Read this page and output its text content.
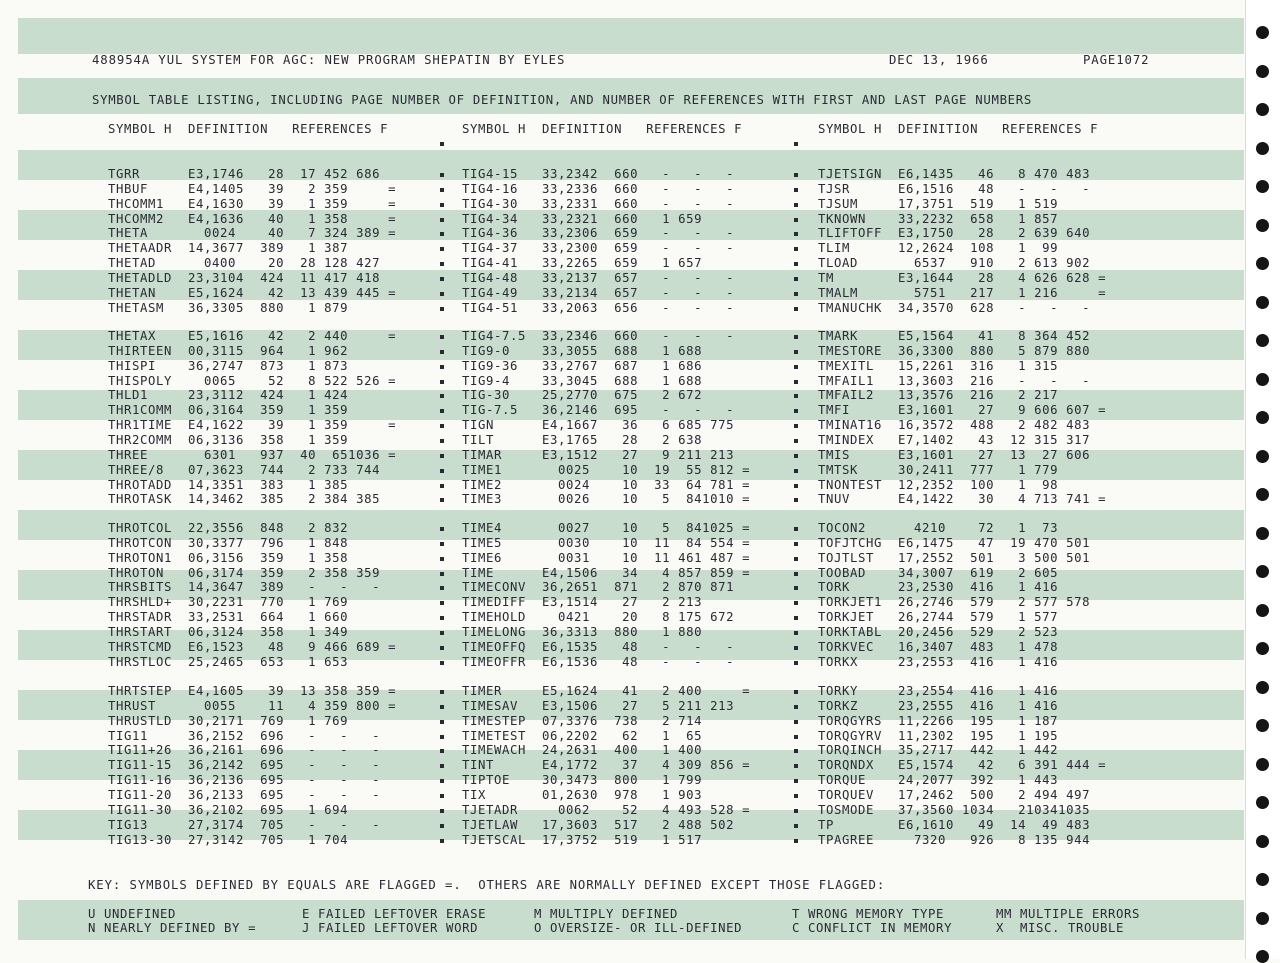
488954A YUL SYSTEM FOR AGC: NEW PROGRAM SHEPATIN BY EYLES	DEC 13, 1966	PAGE1072
SYMBOL TABLE LISTING, INCLUDING PAGE NUMBER OF DEFINITION, AND NUMBER OF REFERENCES WITH FIRST AND LAST PAGE NUMBERS
SYMBOL H  DEFINITION   REFERENCES F	SYMBOL H  DEFINITION   REFERENCES F	SYMBOL H  DEFINITION   REFERENCES F
TGRR      E3,1746   28  17 452 686
THBUF     E4,1405   39   2 359     =
THCOMM1   E4,1630   39   1 359     =
THCOMM2   E4,1636   40   1 358     =
THETA       0024    40   7 324 389 =
THETAADR  14,3677  389   1 387
THETAD      0400    20  28 128 427
THETADLD  23,3104  424  11 417 418
THETAN    E5,1624   42  13 439 445 =
THETASM   36,3305  880   1 879
THETAX    E5,1616   42   2 440     =
THIRTEEN  00,3115  964   1 962
THISPI    36,2747  873   1 873
THISPOLY    0065    52   8 522 526 =
THLD1     23,3112  424   1 424
THR1COMM  06,3164  359   1 359
THR1TIME  E4,1622   39   1 359     =
THR2COMM  06,3136  358   1 359
THREE       6301   937  40  651036 =
THREE/8   07,3623  744   2 733 744
THROTADD  14,3351  383   1 385
THROTASK  14,3462  385   2 384 385
THROTCOL  22,3556  848   2 832
THROTCON  30,3377  796   1 848
THROTON1  06,3156  359   1 358
THROTON   06,3174  359   2 358 359
THRSBITS  14,3647  389   -   -   -
THRSHLD+  30,2231  770   1 769
THRSTADR  33,2531  664   1 660
THRSTART  06,3124  358   1 349
THRSTCMD  E6,1523   48   9 466 689 =
THRSTLOC  25,2465  653   1 653
THRTSTEP  E4,1605   39  13 358 359 =
THRUST      0055    11   4 359 800 =
THRUSTLD  30,2171  769   1 769
TIG11     36,2152  696   -   -   -
TIG11+26  36,2161  696   -   -   -
TIG11-15  36,2142  695   -   -   -
TIG11-16  36,2136  695   -   -   -
TIG11-20  36,2133  695   -   -   -
TIG11-30  36,2102  695   1 694
TIG13     27,3174  705   -   -   -
TIG13-30  27,3142  705   1 704
TIG4-15   33,2342  660   -   -   -
TIG4-16   33,2336  660   -   -   -
TIG4-30   33,2331  660   -   -   -
TIG4-34   33,2321  660   1 659
TIG4-36   33,2306  659   -   -   -
TIG4-37   33,2300  659   -   -   -
TIG4-41   33,2265  659   1 657
TIG4-48   33,2137  657   -   -   -
TIG4-49   33,2134  657   -   -   -
TIG4-51   33,2063  656   -   -   -
TIG4-7.5  33,2346  660   -   -   -
TIG9-0    33,3055  688   1 688
TIG9-36   33,2767  687   1 686
TIG9-4    33,3045  688   1 688
TIG-30    25,2770  675   2 672
TIG-7.5   36,2146  695   -   -   -
TIGN      E4,1667   36   6 685 775
TILT      E3,1765   28   2 638
TIMAR     E3,1512   27   9 211 213
TIME1       0025    10  19  55 812 =
TIME2       0024    10  33  64 781 =
TIME3       0026    10   5  841010 =
TIME4       0027    10   5  841025 =
TIME5       0030    10  11  84 554 =
TIME6       0031    10  11 461 487 =
TIME      E4,1506   34   4 857 859 =
TIMECONV  36,2651  871   2 870 871
TIMEDIFF  E3,1514   27   2 213
TIMEHOLD    0421    20   8 175 672
TIMELONG  36,3313  880   1 880
TIMEOFFQ  E6,1535   48   -   -   -
TIMEOFFR  E6,1536   48   -   -   -
TIMER     E5,1624   41   2 400     =
TIMESAV   E3,1506   27   5 211 213
TIMESTEP  07,3376  738   2 714
TIMETEST  06,2202   62   1  65
TIMEWACH  24,2631  400   1 400
TINT      E4,1772   37   4 309 856 =
TIPTOE    30,3473  800   1 799
TIX       01,2630  978   1 903
TJETADR     0062    52   4 493 528 =
TJETLAW   17,3603  517   2 488 502
TJETSCAL  17,3752  519   1 517
TJETSIGN  E6,1435   46   8 470 483
TJSR      E6,1516   48   -   -   -
TJSUM     17,3751  519   1 519
TKNOWN    33,2232  658   1 857
TLIFTOFF  E3,1750   28   2 639 640
TLIM      12,2624  108   1  99
TLOAD       6537   910   2 613 902
TM        E3,1644   28   4 626 628 =
TMALM       5751   217   1 216     =
TMANUCHK  34,3570  628   -   -   -
TMARK     E5,1564   41   8 364 452
TMESTORE  36,3300  880   5 879 880
TMEXITL   15,2261  316   1 315
TMFAIL1   13,3603  216   -   -   -
TMFAIL2   13,3576  216   2 217
TMFI      E3,1601   27   9 606 607 =
TMINAT16  16,3572  488   2 482 483
TMINDEX   E7,1402   43  12 315 317
TMIS      E3,1601   27  13  27 606
TMTSK     30,2411  777   1 779
TNONTEST  12,2352  100   1  98
TNUV      E4,1422   30   4 713 741 =
TOCON2      4210    72   1  73
TOFJTCHG  E6,1475   47  19 470 501
TOJTLST   17,2552  501   3 500 501
TOOBAD    34,3007  619   2 605
TORK      23,2530  416   1 416
TORKJET1  26,2746  579   2 577 578
TORKJET   26,2744  579   1 577
TORKTABL  20,2456  529   2 523
TORKVEC   16,3407  483   1 478
TORKX     23,2553  416   1 416
TORKY     23,2554  416   1 416
TORKZ     23,2555  416   1 416
TORQGYRS  11,2266  195   1 187
TORQGYRV  11,2302  195   1 195
TORQINCH  35,2717  442   1 442
TORQNDX   E5,1574   42   6 391 444 =
TORQUE    24,2077  392   1 443
TORQUEV   17,2462  500   2 494 497
TOSMODE   37,3560 1034   210341035
TP        E6,1610   49  14  49 483
TPAGREE     7320   926   8 135 944
KEY: SYMBOLS DEFINED BY EQUALS ARE FLAGGED =.  OTHERS ARE NORMALLY DEFINED EXCEPT THOSE FLAGGED:
U UNDEFINED
N NEARLY DEFINED BY =
E FAILED LEFTOVER ERASE
J FAILED LEFTOVER WORD
M MULTIPLY DEFINED
O OVERSIZE- OR ILL-DEFINED
T WRONG MEMORY TYPE
C CONFLICT IN MEMORY
MM MULTIPLE ERRORS
X  MISC. TROUBLE
